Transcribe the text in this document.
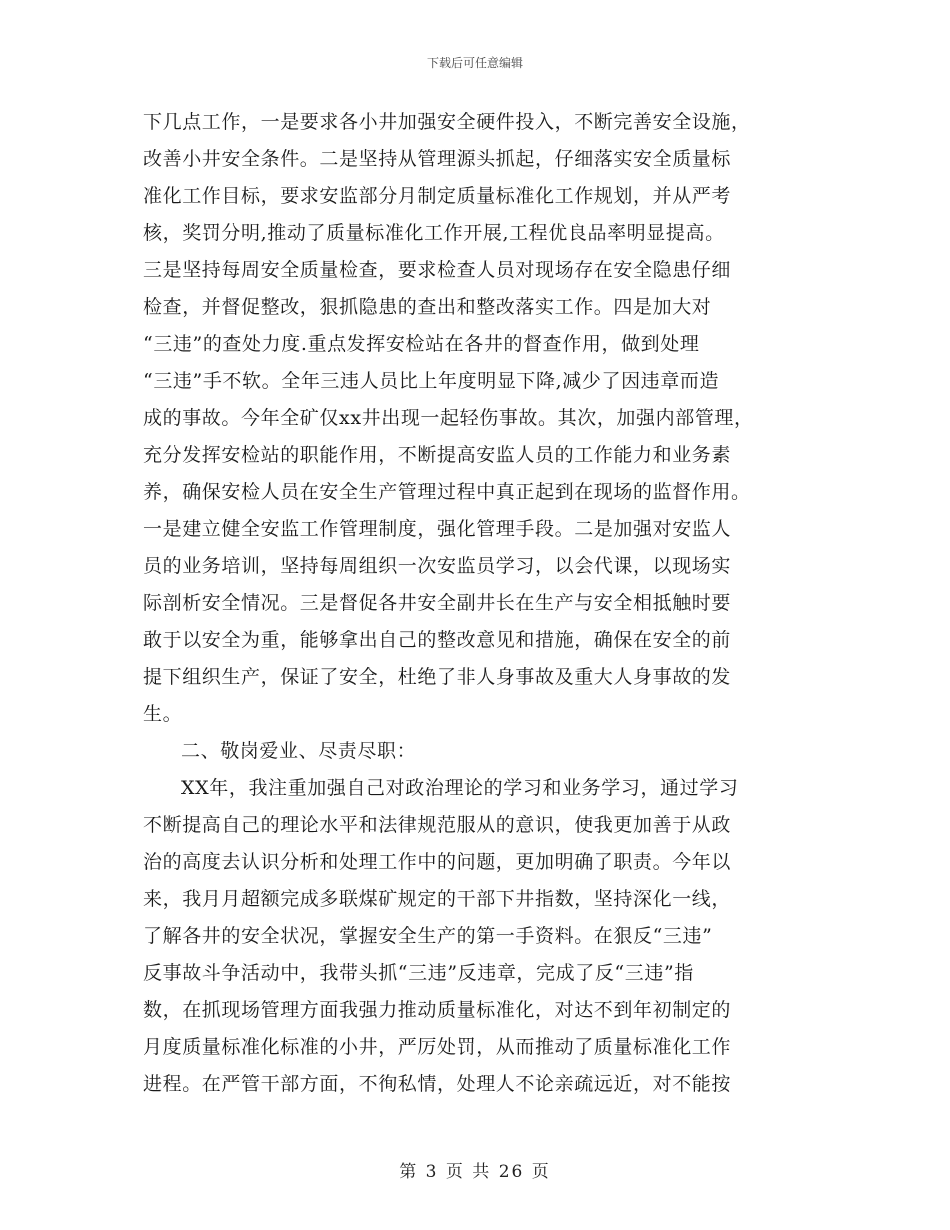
下载后可任意编辑
下几点工作，一是要求各小井加强安全硬件投入，不断完善安全设施，
改善小井安全条件。二是坚持从管理源头抓起，仔细落实安全质量标
准化工作目标，要求安监部分月制定质量标准化工作规划，并从严考
核，奖罚分明,推动了质量标准化工作开展,工程优良品率明显提高。
三是坚持每周安全质量检查，要求检查人员对现场存在安全隐患仔细
检查，并督促整改，狠抓隐患的查出和整改落实工作。四是加大对
“三违”的查处力度.重点发挥安检站在各井的督查作用，做到处理
“三违”手不软。全年三违人员比上年度明显下降,减少了因违章而造
成的事故。今年全矿仅xx井出现一起轻伤事故。其次，加强内部管理，
充分发挥安检站的职能作用，不断提高安监人员的工作能力和业务素
养，确保安检人员在安全生产管理过程中真正起到在现场的监督作用。
一是建立健全安监工作管理制度，强化管理手段。二是加强对安监人
员的业务培训，坚持每周组织一次安监员学习，以会代课，以现场实
际剖析安全情况。三是督促各井安全副井长在生产与安全相抵触时要
敢于以安全为重，能够拿出自己的整改意见和措施，确保在安全的前
提下组织生产，保证了安全，杜绝了非人身事故及重大人身事故的发
生。
二、敬岗爱业、尽责尽职：
XX年，我注重加强自己对政治理论的学习和业务学习，通过学习
不断提高自己的理论水平和法律规范服从的意识，使我更加善于从政
治的高度去认识分析和处理工作中的问题，更加明确了职责。今年以
来，我月月超额完成多联煤矿规定的干部下井指数，坚持深化一线，
了解各井的安全状况，掌握安全生产的第一手资料。在狠反“三违”
反事故斗争活动中，我带头抓“三违”反违章，完成了反“三违”指
数，在抓现场管理方面我强力推动质量标准化，对达不到年初制定的
月度质量标准化标准的小井，严厉处罚，从而推动了质量标准化工作
进程。在严管干部方面，不徇私情，处理人不论亲疏远近，对不能按
第 3 页 共 26 页
